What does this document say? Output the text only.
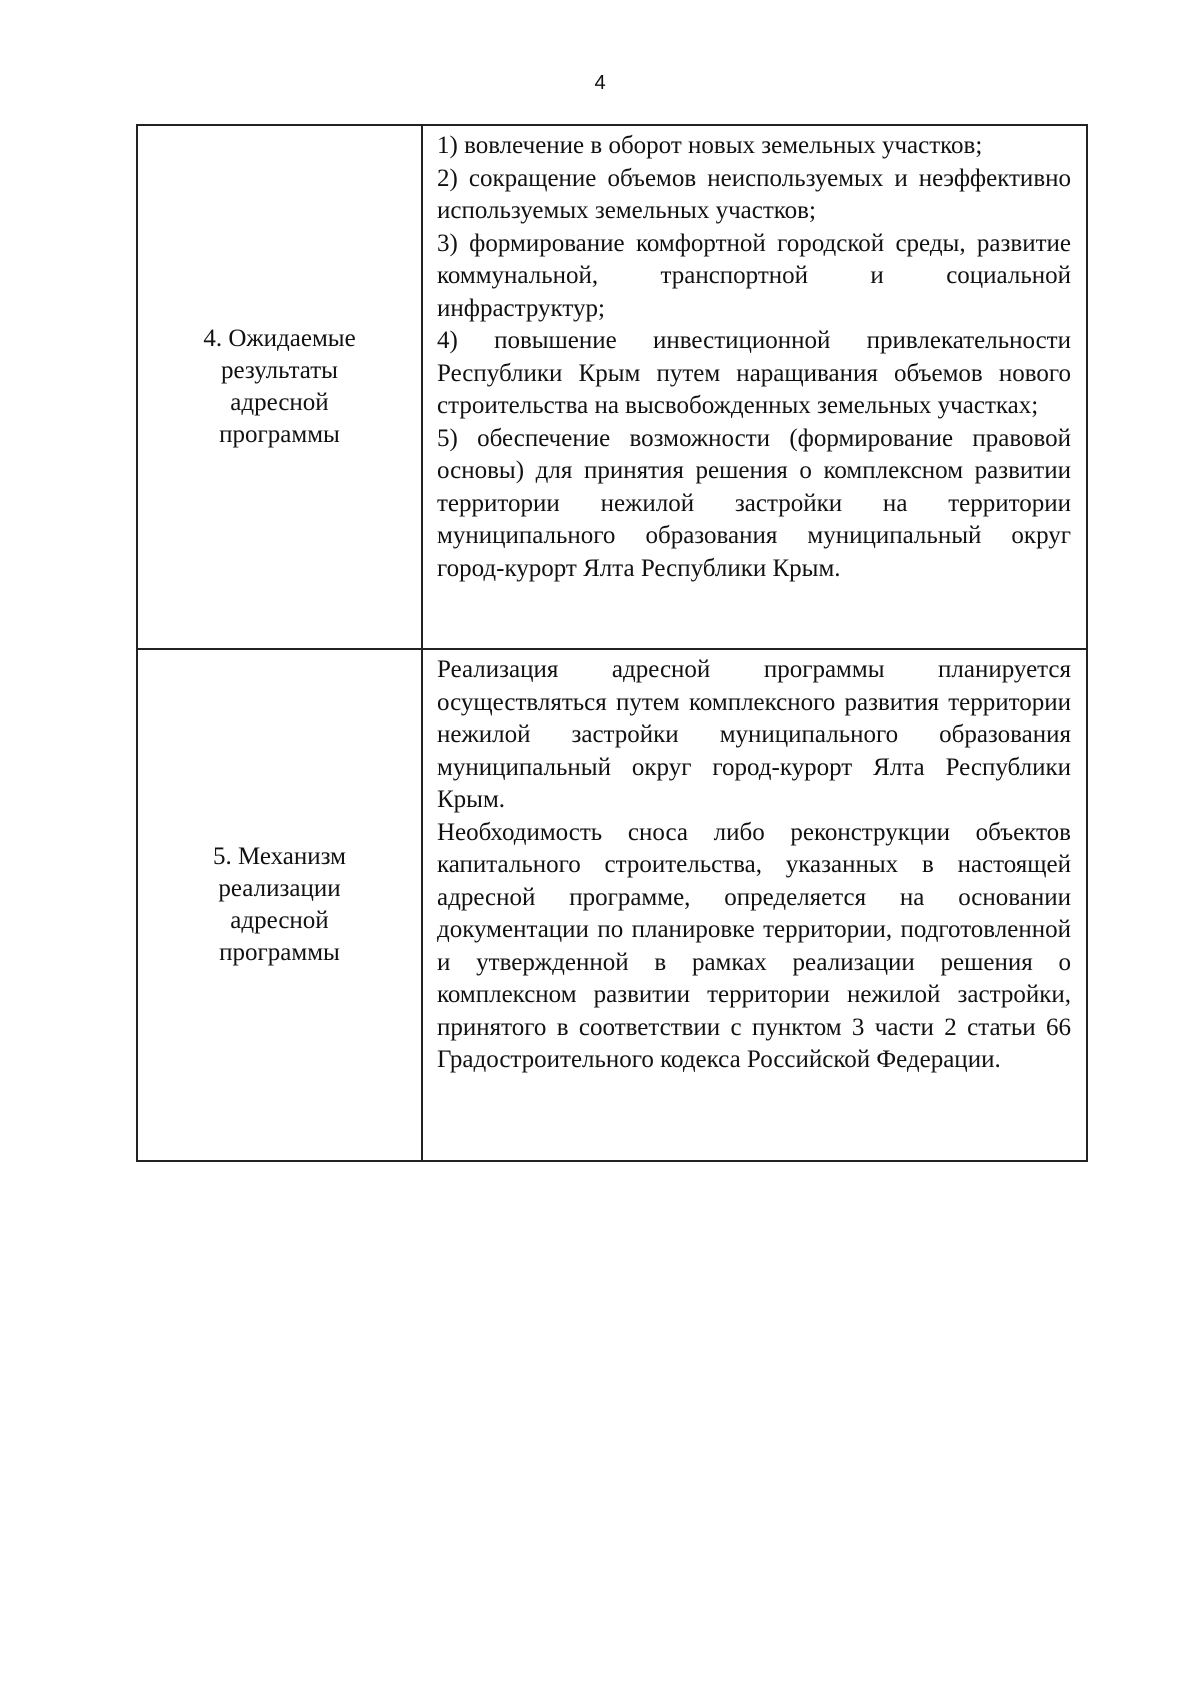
4
4. Ожидаемые результаты адресной программы	1) вовлечение в оборот новых земельных участков;
2) сокращение объемов неиспользуемых и неэффективно используемых земельных участков;
3) формирование комфортной городской среды, развитие коммунальной, транспортной и социальной инфраструктур;
4) повышение инвестиционной привлекательности Республики Крым путем наращивания объемов нового строительства на высвобожденных земельных участках;
5) обеспечение возможности (формирование правовой основы) для принятия решения о комплексном развитии территории нежилой застройки на территории муниципального образования муниципальный округ город-курорт Ялта Республики Крым.

5. Механизм реализации адресной программы	Реализация адресной программы планируется осуществляться путем комплексного развития территории нежилой застройки муниципального образования муниципальный округ город-курорт Ялта Республики Крым.
Необходимость сноса либо реконструкции объектов капитального строительства, указанных в настоящей адресной программе, определяется на основании документации по планировке территории, подготовленной и утвержденной в рамках реализации решения о комплексном развитии территории нежилой застройки, принятого в соответствии с пунктом 3 части 2 статьи 66 Градостроительного кодекса Российской Федерации.
